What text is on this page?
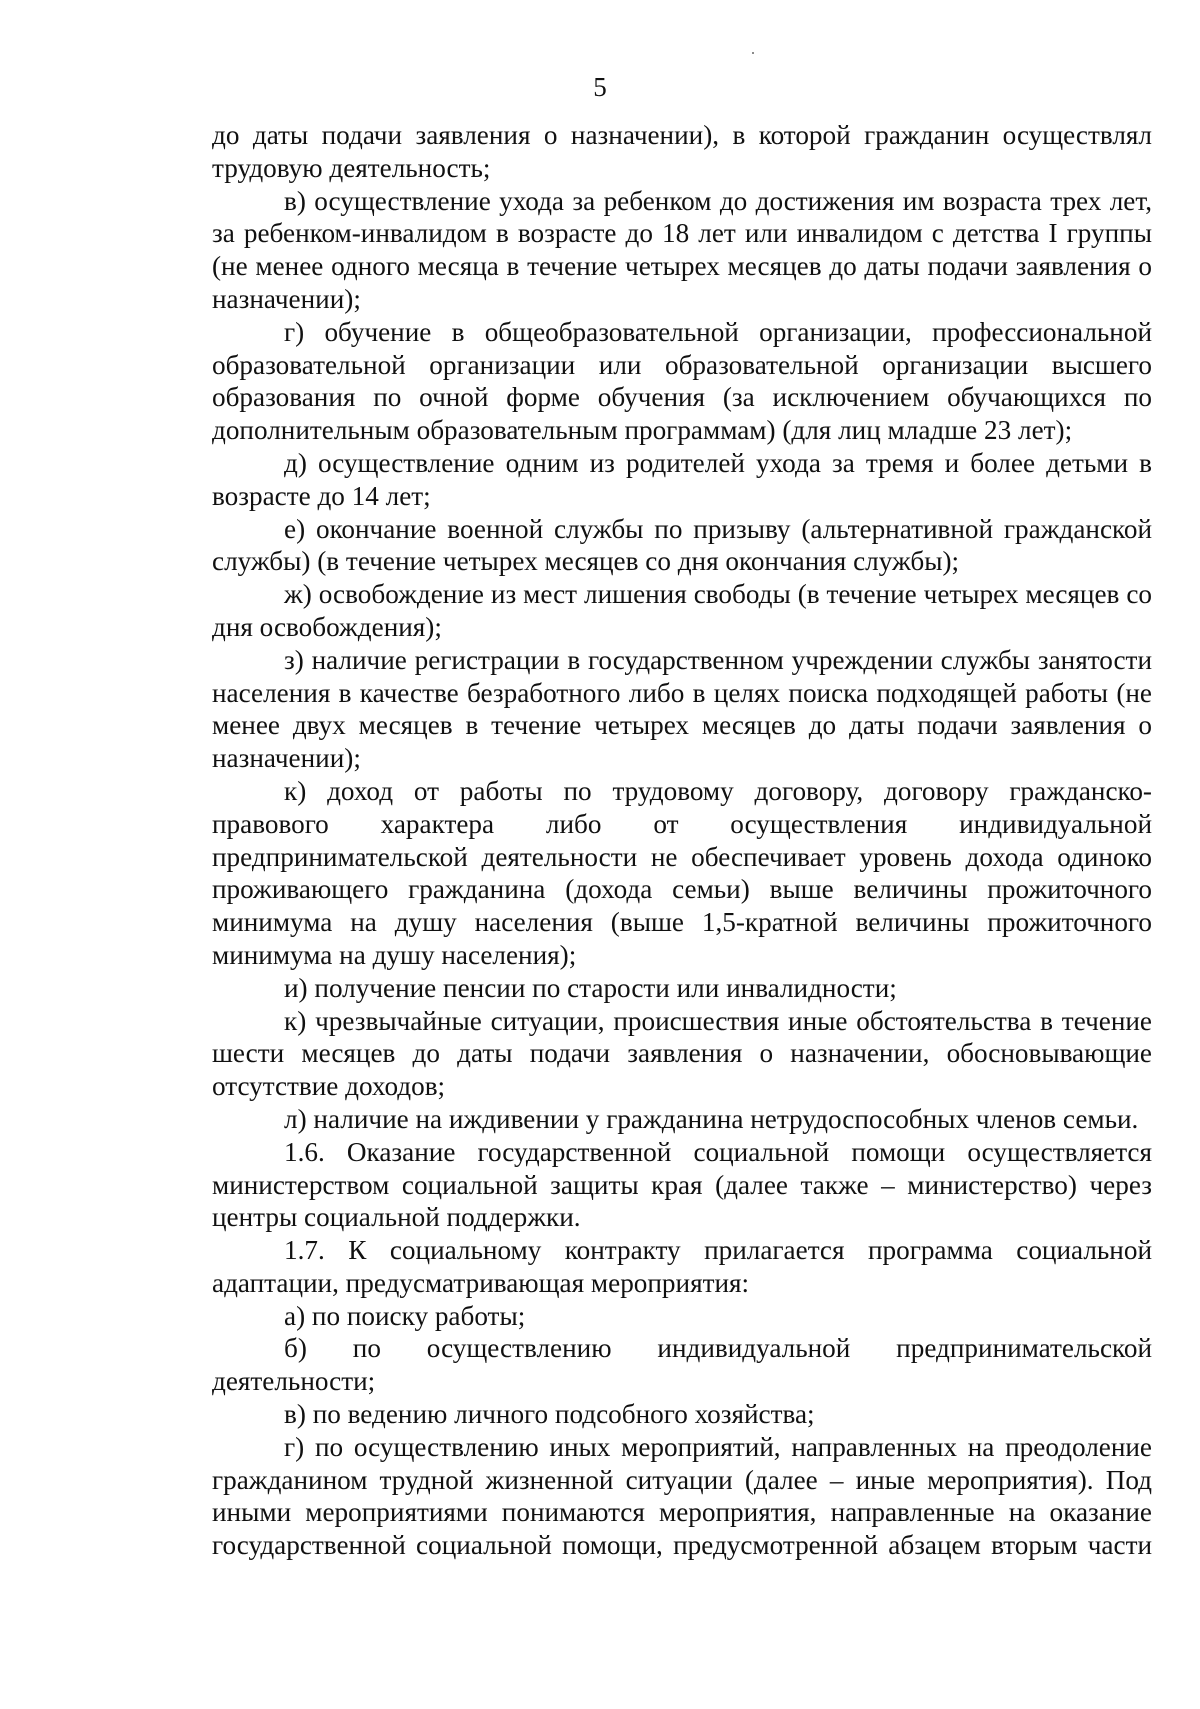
5

до даты подачи заявления о назначении), в которой гражданин осуществлял трудовую деятельность;

в) осуществление ухода за ребенком до достижения им возраста трех лет, за ребенком-инвалидом в возрасте до 18 лет или инвалидом с детства I группы (не менее одного месяца в течение четырех месяцев до даты подачи заявления о назначении);

г) обучение в общеобразовательной организации, профессиональной образовательной организации или образовательной организации высшего образования по очной форме обучения (за исключением обучающихся по дополнительным образовательным программам) (для лиц младше 23 лет);

д) осуществление одним из родителей ухода за тремя и более детьми в возрасте до 14 лет;

е) окончание военной службы по призыву (альтернативной гражданской службы) (в течение четырех месяцев со дня окончания службы);

ж) освобождение из мест лишения свободы (в течение четырех месяцев со дня освобождения);

з) наличие регистрации в государственном учреждении службы занятости населения в качестве безработного либо в целях поиска подходящей работы (не менее двух месяцев в течение четырех месяцев до даты подачи заявления о назначении);

к) доход от работы по трудовому договору, договору гражданско-правового характера либо от осуществления индивидуальной предпринимательской деятельности не обеспечивает уровень дохода одиноко проживающего гражданина (дохода семьи) выше величины прожиточного минимума на душу населения (выше 1,5-кратной величины прожиточного минимума на душу населения);

и) получение пенсии по старости или инвалидности;

к) чрезвычайные ситуации, происшествия иные обстоятельства в течение шести месяцев до даты подачи заявления о назначении, обосновывающие отсутствие доходов;

л) наличие на иждивении у гражданина нетрудоспособных членов семьи.

1.6. Оказание государственной социальной помощи осуществляется министерством социальной защиты края (далее также – министерство) через центры социальной поддержки.

1.7. К социальному контракту прилагается программа социальной адаптации, предусматривающая мероприятия:

а) по поиску работы;

б) по осуществлению индивидуальной предпринимательской деятельности;

в) по ведению личного подсобного хозяйства;

г) по осуществлению иных мероприятий, направленных на преодоление гражданином трудной жизненной ситуации (далее – иные мероприятия). Под иными мероприятиями понимаются мероприятия, направленные на оказание государственной социальной помощи, предусмотренной абзацем вторым части
